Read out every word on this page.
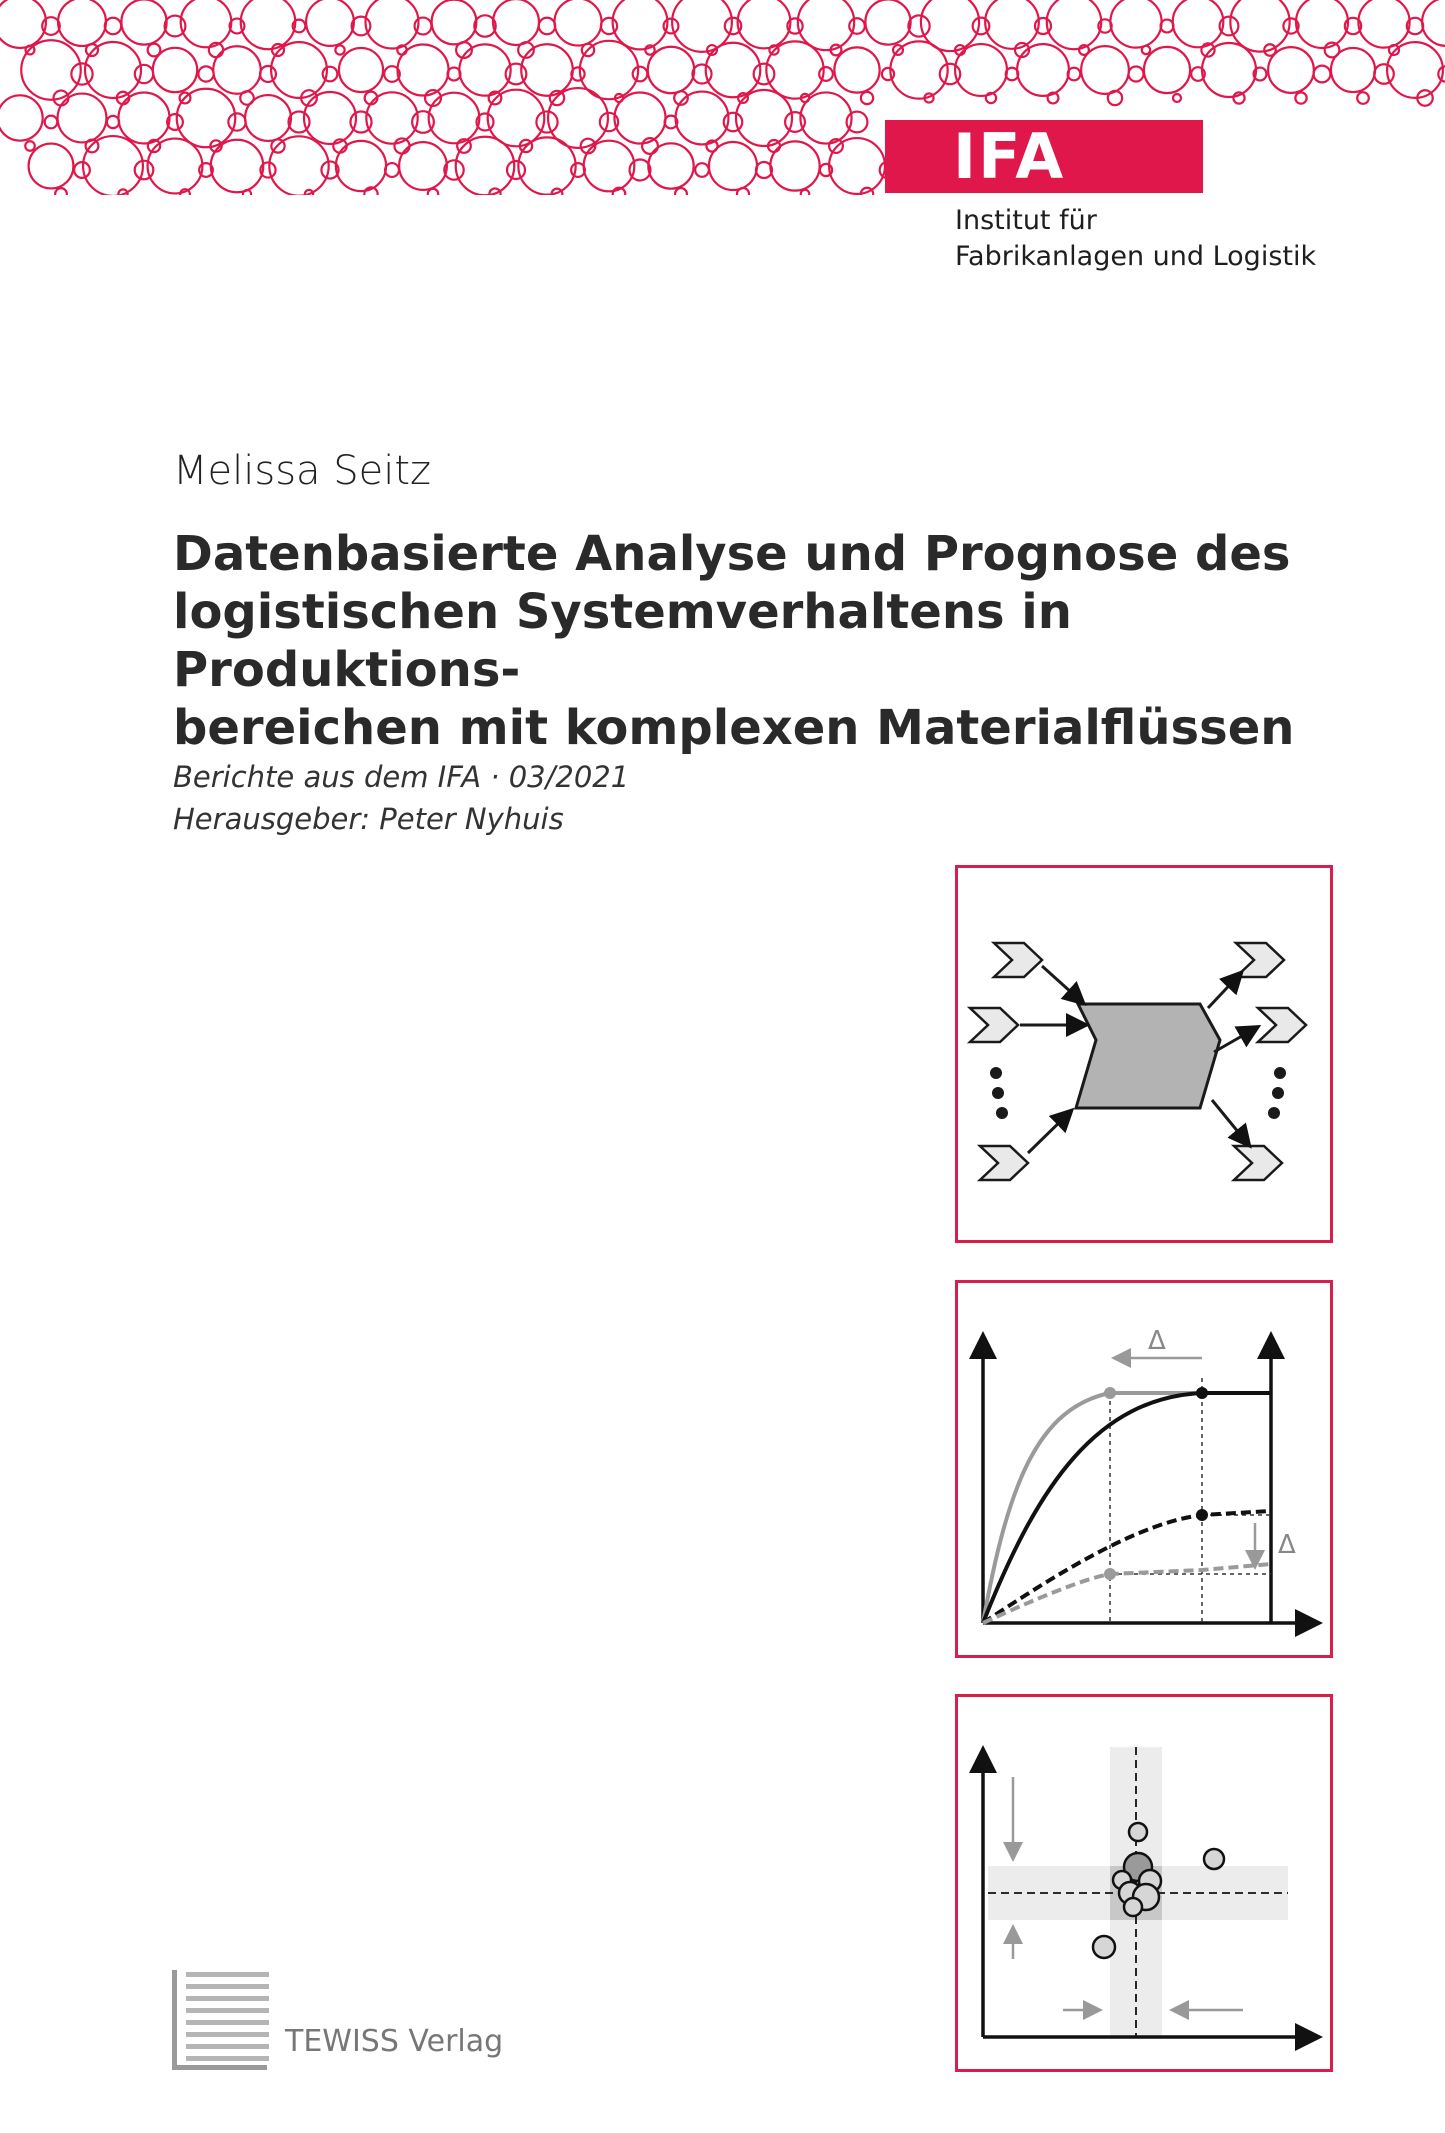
IFA
Institut für
Fabrikanlagen und Logistik
Melissa Seitz
Datenbasierte Analyse und Prognose des
logistischen Systemverhaltens in Produktions-
bereichen mit komplexen Materialflüssen
Berichte aus dem IFA · 03/2021
Herausgeber: Peter Nyhuis
Δ
Δ
TEWISS Verlag
